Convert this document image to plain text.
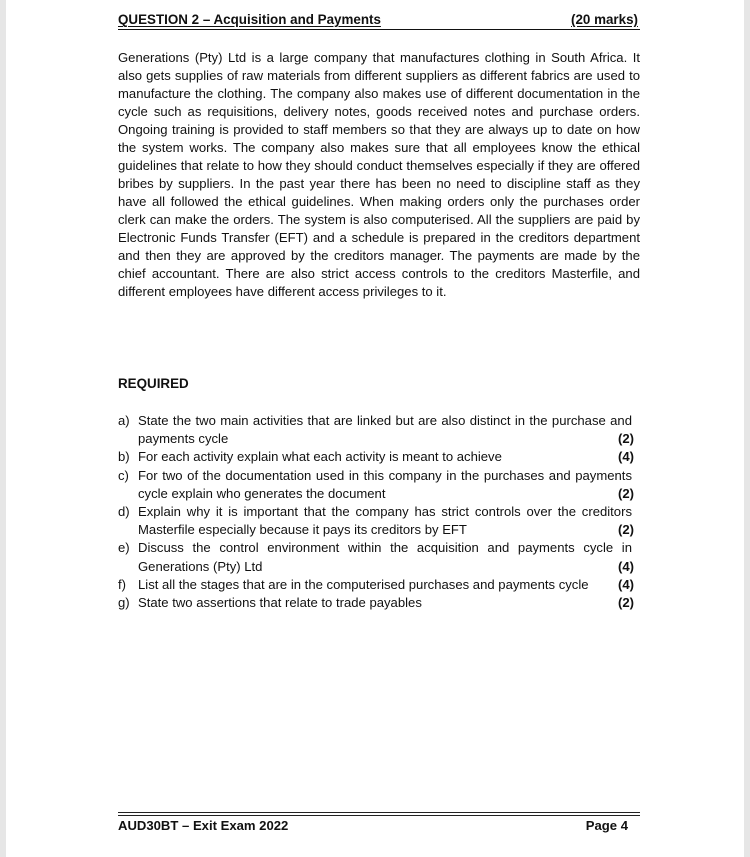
QUESTION 2 – Acquisition and Payments	(20 marks)

Generations (Pty) Ltd is a large company that manufactures clothing in South Africa. It also gets supplies of raw materials from different suppliers as different fabrics are used to manufacture the clothing. The company also makes use of different documentation in the cycle such as requisitions, delivery notes, goods received notes and purchase orders. Ongoing training is provided to staff members so that they are always up to date on how the system works. The company also makes sure that all employees know the ethical guidelines that relate to how they should conduct themselves especially if they are offered bribes by suppliers. In the past year there has been no need to discipline staff as they have all followed the ethical guidelines. When making orders only the purchases order clerk can make the orders. The system is also computerised. All the suppliers are paid by Electronic Funds Transfer (EFT) and a schedule is prepared in the creditors department and then they are approved by the creditors manager. The payments are made by the chief accountant. There are also strict access controls to the creditors Masterfile, and different employees have different access privileges to it.

REQUIRED
a) State the two main activities that are linked but are also distinct in the purchase and payments cycle	(2)
b) For each activity explain what each activity is meant to achieve	(4)
c) For two of the documentation used in this company in the purchases and payments cycle explain who generates the document	(2)
d) Explain why it is important that the company has strict controls over the creditors Masterfile especially because it pays its creditors by EFT	(2)
e) Discuss the control environment within the acquisition and payments cycle in Generations (Pty) Ltd	(4)
f) List all the stages that are in the computerised purchases and payments cycle (4)
g) State two assertions that relate to trade payables	(2)
AUD30BT – Exit Exam 2022	Page 4
